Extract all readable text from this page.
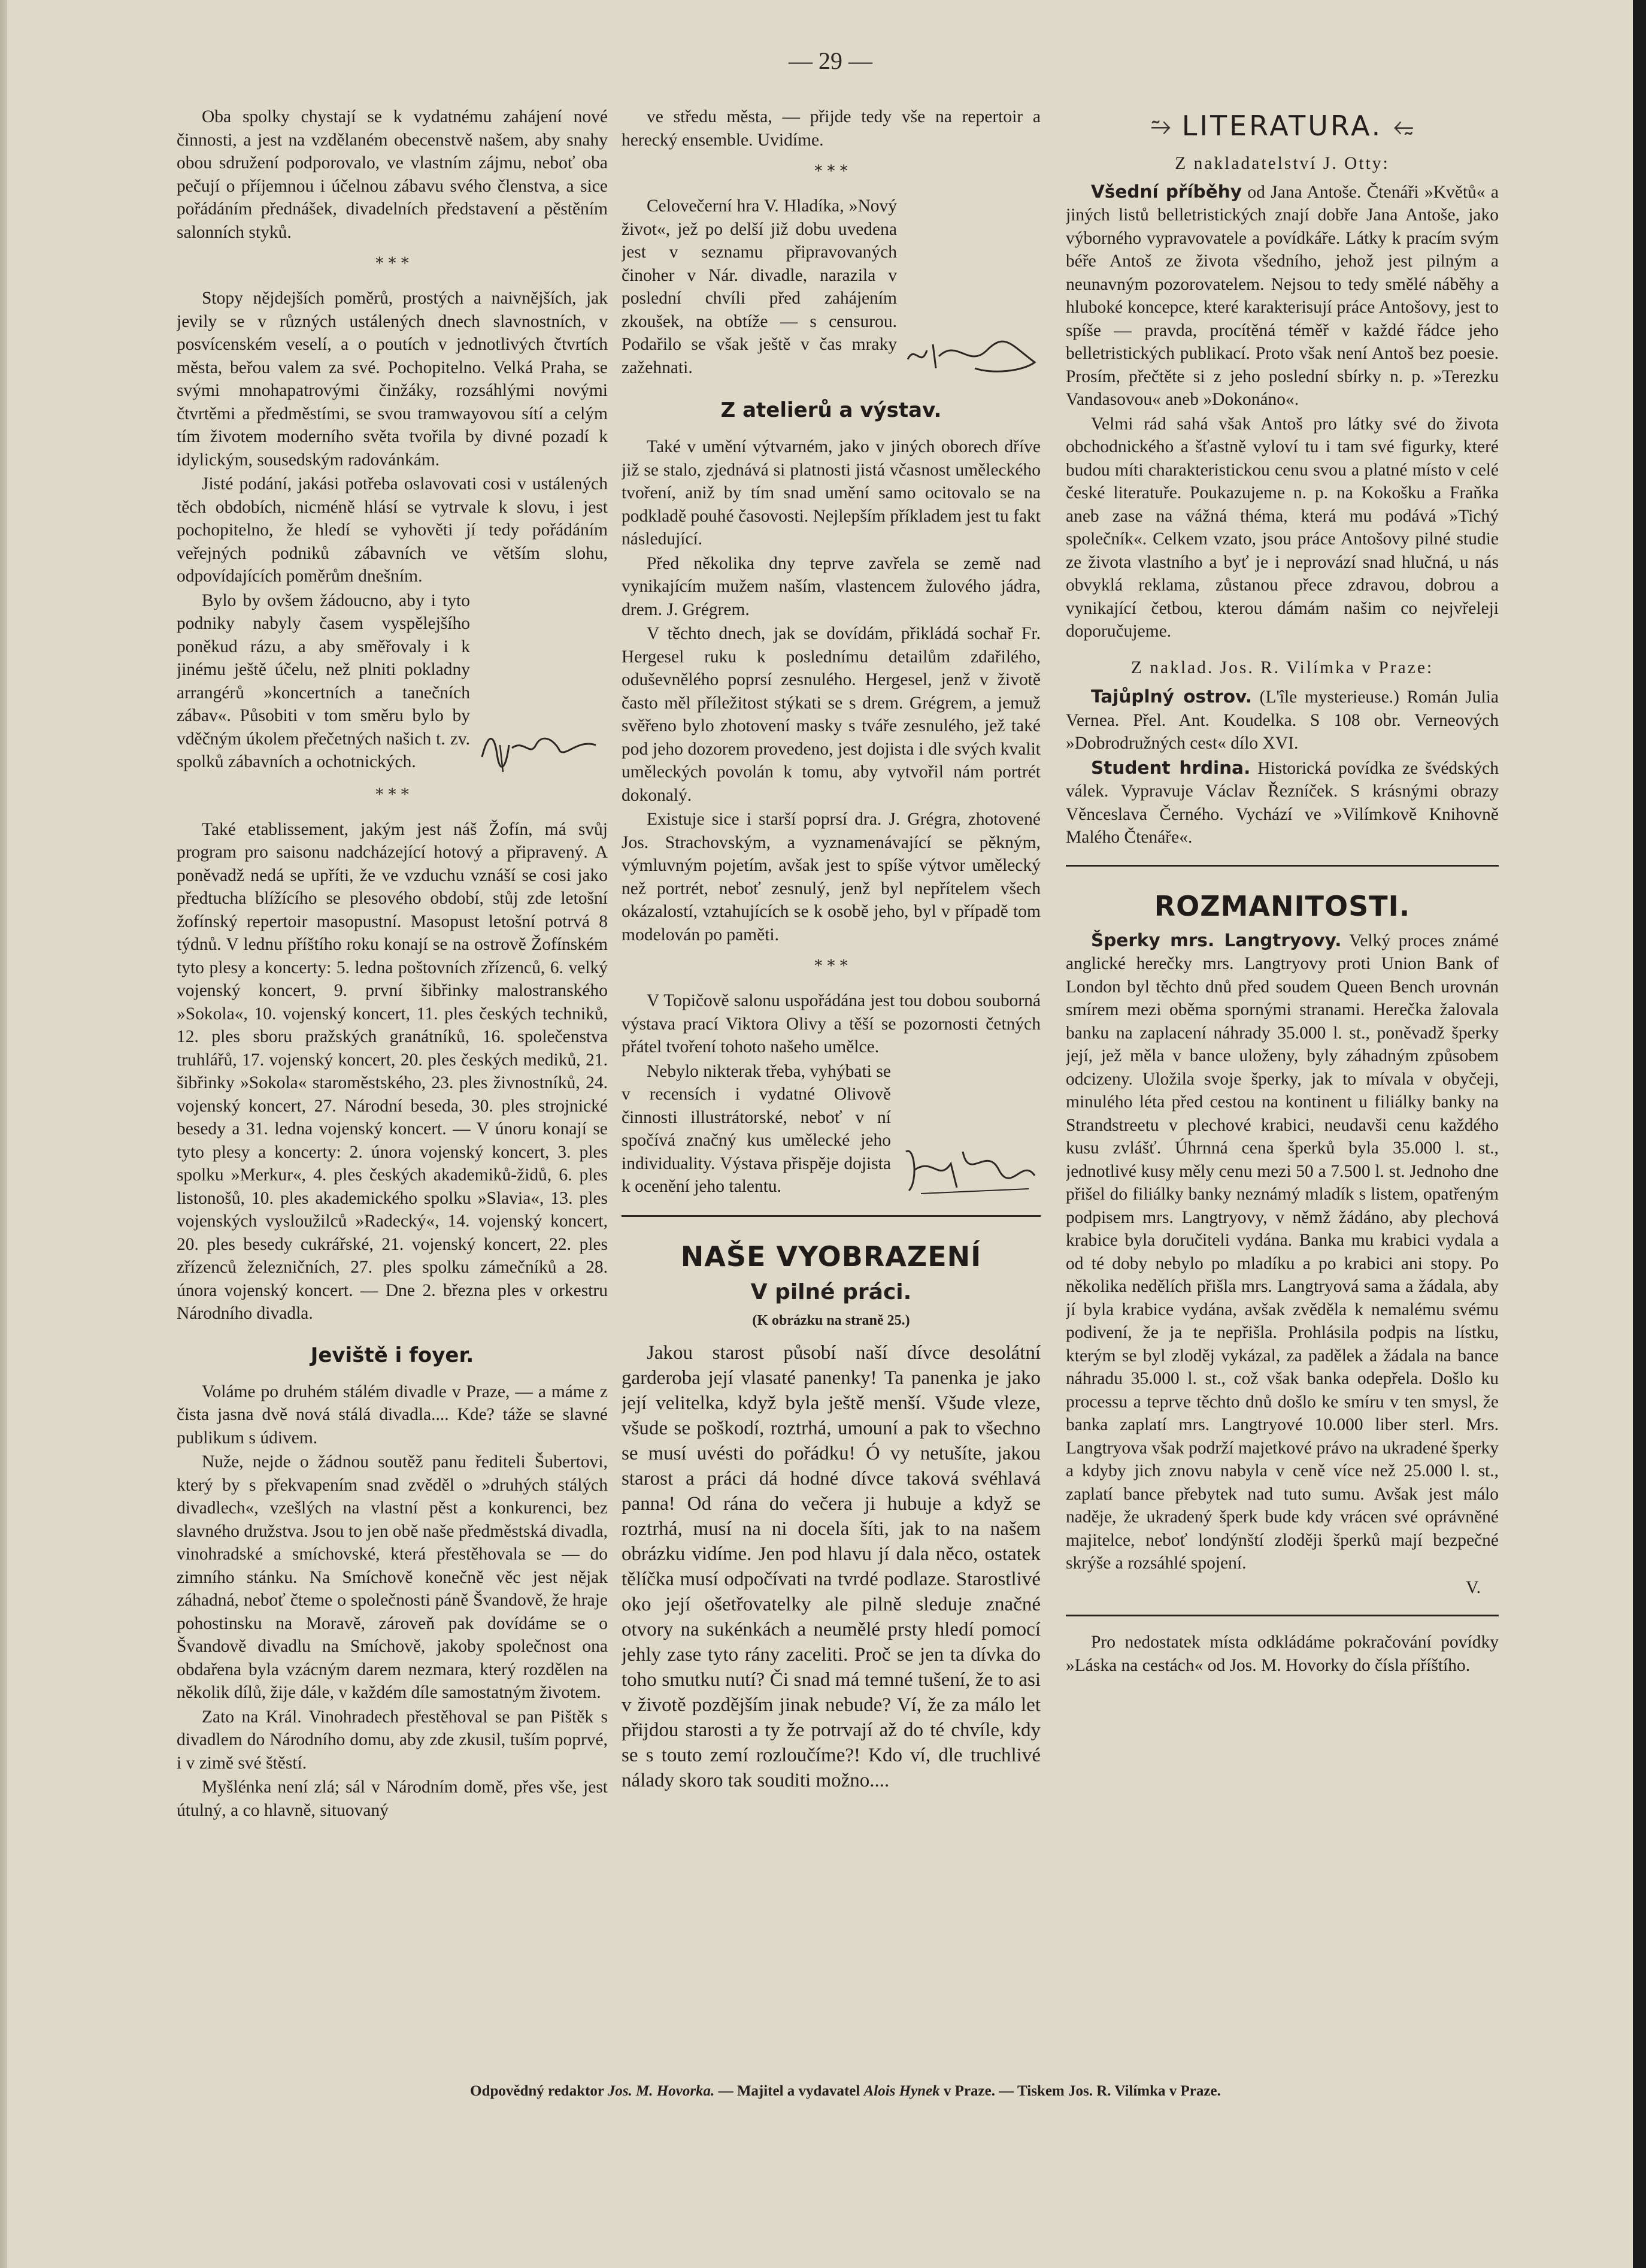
— 29 —

Oba spolky chystají se k vydatnému zahájení nové činnosti, a jest na vzdělaném obecenstvě našem, aby snahy obou sdružení podporovalo, ve vlastním zájmu, neboť oba pečují o příjemnou i účelnou zábavu svého členstva, a sice pořádáním přednášek, divadelních představení a pěstěním salonních styků.

* * *

Stopy nějdejších poměrů, prostých a naivnějších, jak jevily se v různých ustálených dnech slavnostních, v posvícenském veselí, a o poutích v jednotlivých čtvrtích města, beřou valem za své. Pochopitelno. Velká Praha, se svými mnohapatrovými činžáky, rozsáhlými novými čtvrtěmi a předměstími, se svou tramwayovou sítí a celým tím životem moderního světa tvořila by divné pozadí k idylickým, sousedským radovánkám.

Jisté podání, jakási potřeba oslavovati cosi v ustálených těch obdobích, nicméně hlásí se vytrvale k slovu, i jest pochopitelno, že hledí se vyhověti jí tedy pořádáním veřejných podniků zábavních ve větším slohu, odpovídajících poměrům dnešním.

Bylo by ovšem žádoucno, aby i tyto podniky nabyly časem vyspělejšího poněkud rázu, a aby směřovaly i k jinému ještě účelu, než plniti pokladny arrangérů »koncertních a tanečních zábav«. Působiti v tom směru bylo by vděčným úkolem přečetných našich t. zv. spolků zábavních a ochotnických.

* * *

Také etablissement, jakým jest náš Žofín, má svůj program pro saisonu nadcházející hotový a připravený. A poněvadž nedá se upříti, že ve vzduchu vznáší se cosi jako předtucha blížícího se plesového období, stůj zde letošní žofínský repertoir masopustní. Masopust letošní potrvá 8 týdnů. V lednu příštího roku konají se na ostrově Žofínském tyto plesy a koncerty: 5. ledna poštovních zřízenců, 6. velký vojenský koncert, 9. první šibřinky malostranského »Sokola«, 10. vojenský koncert, 11. ples českých techniků, 12. ples sboru pražských granátníků, 16. společenstva truhlářů, 17. vojenský koncert, 20. ples českých mediků, 21. šibřinky »Sokola« staroměstského, 23. ples živnostníků, 24. vojenský koncert, 27. Národní beseda, 30. ples strojnické besedy a 31. ledna vojenský koncert. — V únoru konají se tyto plesy a koncerty: 2. února vojenský koncert, 3. ples spolku »Merkur«, 4. ples českých akademiků-židů, 6. ples listonošů, 10. ples akademického spolku »Slavia«, 13. ples vojenských vysloužilců »Radecký«, 14. vojenský koncert, 20. ples besedy cukrářské, 21. vojenský koncert, 22. ples zřízenců železničních, 27. ples spolku zámečníků a 28. února vojenský koncert. — Dne 2. března ples v orkestru Národního divadla.

Jeviště i foyer.

Voláme po druhém stálém divadle v Praze, — a máme z čista jasna dvě nová stálá divadla.... Kde? táže se slavné publikum s údivem.

Nuže, nejde o žádnou soutěž panu řediteli Šubertovi, který by s překvapením snad zvěděl o »druhých stálých divadlech«, vzešlých na vlastní pěst a konkurenci, bez slavného družstva. Jsou to jen obě naše předměstská divadla, vinohradské a smíchovské, která přestěhovala se — do zimního stánku. Na Smíchově konečně věc jest nějak záhadná, neboť čteme o společnosti páně Švandově, že hraje pohostinsku na Moravě, zároveň pak dovídáme se o Švandově divadlu na Smíchově, jakoby společnost ona obdařena byla vzácným darem nezmara, který rozdělen na několik dílů, žije dále, v každém díle samostatným životem.

Zato na Král. Vinohradech přestěhoval se pan Pištěk s divadlem do Národního domu, aby zde zkusil, tuším poprvé, i v zimě své štěstí.

Myšlénka není zlá; sál v Národním domě, přes vše, jest útulný, a co hlavně, situovaný

ve středu města, — přijde tedy vše na repertoir a herecký ensemble. Uvidíme.

* * *

Celovečerní hra V. Hladíka, »Nový život«, jež po delší již dobu uvedena jest v seznamu připravovaných činoher v Nár. divadle, narazila v poslední chvíli před zahájením zkoušek, na obtíže — s censurou. Podařilo se však ještě v čas mraky zažehnati.

Z atelierů a výstav.

Také v umění výtvarném, jako v jiných oborech dříve již se stalo, zjednává si platnosti jistá včasnost uměleckého tvoření, aniž by tím snad umění samo ocitovalo se na podkladě pouhé časovosti. Nejlepším příkladem jest tu fakt následující.

Před několika dny teprve zavřela se země nad vynikajícím mužem naším, vlastencem žulového jádra, drem. J. Grégrem.

V těchto dnech, jak se dovídám, přikládá sochař Fr. Hergesel ruku k poslednímu detailům zdařilého, oduševnělého poprsí zesnulého. Hergesel, jenž v životě často měl příležitost stýkati se s drem. Grégrem, a jemuž svěřeno bylo zhotovení masky s tváře zesnulého, jež také pod jeho dozorem provedeno, jest dojista i dle svých kvalit uměleckých povolán k tomu, aby vytvořil nám portrét dokonalý.

Existuje sice i starší poprsí dra. J. Grégra, zhotovené Jos. Strachovským, a vyznamenávající se pěkným, výmluvným pojetím, avšak jest to spíše výtvor umělecký než portrét, neboť zesnulý, jenž byl nepřítelem všech okázalostí, vztahujících se k osobě jeho, byl v případě tom modelován po paměti.

* * *

V Topičově salonu uspořádána jest tou dobou souborná výstava prací Viktora Olivy a těší se pozornosti četných přátel tvoření tohoto našeho umělce.

Nebylo nikterak třeba, vyhýbati se v recensích i vydatné Olivově činnosti illustrátorské, neboť v ní spočívá značný kus umělecké jeho individuality. Výstava přispěje dojista k ocenění jeho talentu.

NAŠE VYOBRAZENÍ
V pilné práci.
(K obrázku na straně 25.)

Jakou starost působí naší dívce desolátní garderoba její vlasaté panenky! Ta panenka je jako její velitelka, když byla ještě menší. Všude vleze, všude se poškodí, roztrhá, umouní a pak to všechno se musí uvésti do pořádku! Ó vy netušíte, jakou starost a práci dá hodné dívce taková svéhlavá panna! Od rána do večera ji hubuje a když se roztrhá, musí na ni docela šíti, jak to na našem obrázku vidíme. Jen pod hlavu jí dala něco, ostatek tělíčka musí odpočívati na tvrdé podlaze. Starostlivé oko její ošetřovatelky ale pilně sleduje značné otvory na sukénkách a neumělé prsty hledí pomocí jehly zase tyto rány zaceliti. Proč se jen ta dívka do toho smutku nutí? Či snad má temné tušení, že to asi v životě pozdějším jinak nebude? Ví, že za málo let přijdou starosti a ty že potrvají až do té chvíle, kdy se s touto zemí rozloučíme?! Kdo ví, dle truchlivé nálady skoro tak souditi možno....

⥲ LITERATURA. ⥳
Z nakladatelství J. Otty:

Všední příběhy od Jana Antoše. Čtenáři »Květů« a jiných listů belletristických znají dobře Jana Antoše, jako výborného vypravovatele a povídkáře. Látky k pracím svým béře Antoš ze života všedního, jehož jest pilným a neunavným pozorovatelem. Nejsou to tedy smělé náběhy a hluboké koncepce, které karakterisují práce Antošovy, jest to spíše — pravda, procítěná téměř v každé řádce jeho belletristických publikací. Proto však není Antoš bez poesie. Prosím, přečtěte si z jeho poslední sbírky n. p. »Terezku Vandasovou« aneb »Dokonáno«.

Velmi rád sahá však Antoš pro látky své do života obchodnického a šťastně vyloví tu i tam své figurky, které budou míti charakteristickou cenu svou a platné místo v celé české literatuře. Poukazujeme n. p. na Kokošku a Fraňka aneb zase na vážná théma, která mu podává »Tichý společník«. Celkem vzato, jsou práce Antošovy pilné studie ze života vlastního a byť je i neprovází snad hlučná, u nás obvyklá reklama, zůstanou přece zdravou, dobrou a vynikající četbou, kterou dámám našim co nejvřeleji doporučujeme.

Z naklad. Jos. R. Vilímka v Praze:

Tajůplný ostrov. (L'île mysterieuse.) Román Julia Vernea. Přel. Ant. Koudelka. S 108 obr. Verneových »Dobrodružných cest« dílo XVI.

Student hrdina. Historická povídka ze švédských válek. Vypravuje Václav Řezníček. S krásnými obrazy Věnceslava Černého. Vychází ve »Vilímkově Knihovně Malého Čtenáře«.

ROZMANITOSTI.

Šperky mrs. Langtryovy. Velký proces známé anglické herečky mrs. Langtryovy proti Union Bank of London byl těchto dnů před soudem Queen Bench urovnán smírem mezi oběma spornými stranami. Herečka žalovala banku na zaplacení náhrady 35.000 l. st., poněvadž šperky její, jež měla v bance uloženy, byly záhadným způsobem odcizeny. Uložila svoje šperky, jak to mívala v obyčeji, minulého léta před cestou na kontinent u filiálky banky na Strandstreetu v plechové krabici, neudavši cenu každého kusu zvlášť. Úhrnná cena šperků byla 35.000 l. st., jednotlivé kusy měly cenu mezi 50 a 7.500 l. st. Jednoho dne přišel do filiálky banky neznámý mladík s listem, opatřeným podpisem mrs. Langtryovy, v němž žádáno, aby plechová krabice byla doručiteli vydána. Banka mu krabici vydala a od té doby nebylo po mladíku a po krabici ani stopy. Po několika nedělích přišla mrs. Langtryová sama a žádala, aby jí byla krabice vydána, avšak zvěděla k nemalému svému podivení, že ja te nepřišla. Prohlásila podpis na lístku, kterým se byl zloděj vykázal, za padělek a žádala na bance náhradu 35.000 l. st., což však banka odepřela. Došlo ku processu a teprve těchto dnů došlo ke smíru v ten smysl, že banka zaplatí mrs. Langtryové 10.000 liber sterl. Mrs. Langtryova však podrží majetkové právo na ukradené šperky a kdyby jich znovu nabyla v ceně více než 25.000 l. st., zaplatí bance přebytek nad tuto sumu. Avšak jest málo naděje, že ukradený šperk bude kdy vrácen své oprávněné majitelce, neboť londýnští zloději šperků mají bezpečné skrýše a rozsáhlé spojení.

V.

Pro nedostatek místa odkládáme pokračování povídky »Láska na cestách« od Jos. M. Hovorky do čísla příštího.

Odpovědný redaktor Jos. M. Hovorka. — Majitel a vydavatel Alois Hynek v Praze. — Tiskem Jos. R. Vilímka v Praze.
